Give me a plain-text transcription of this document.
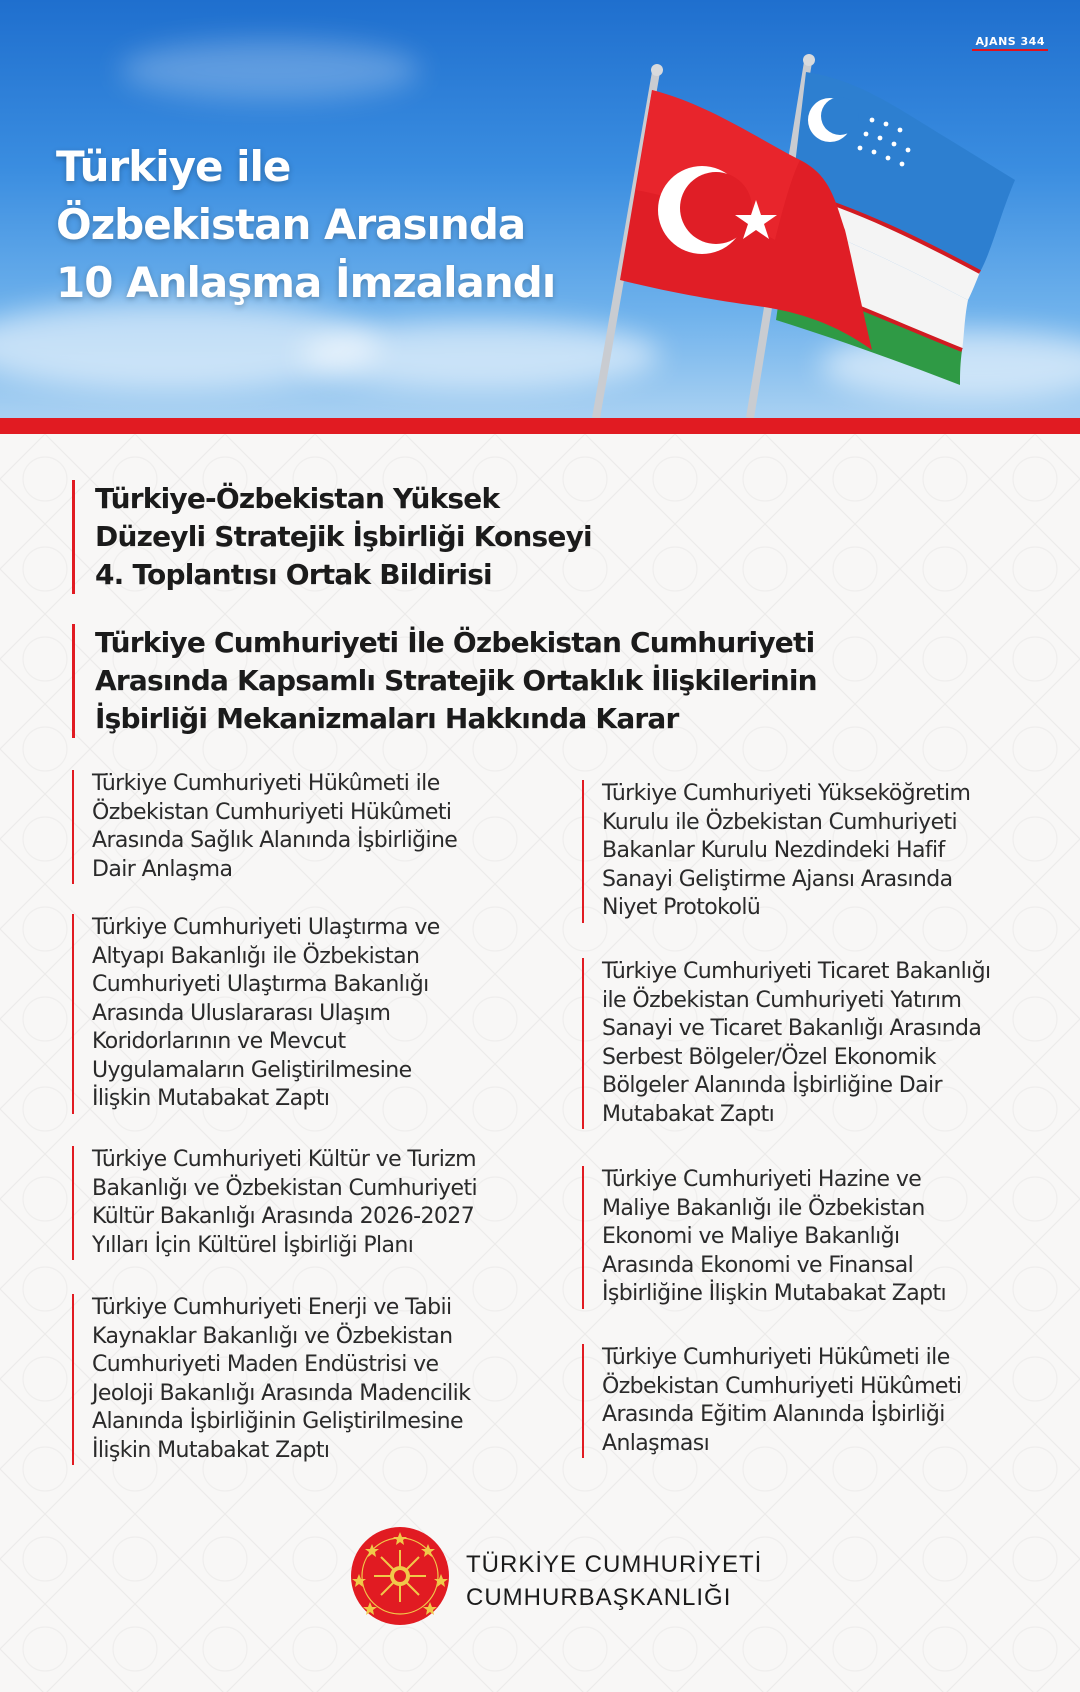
Türkiye ile
Özbekistan Arasında
10 Anlaşma İmzalandı
AJANS 344

Türkiye-Özbekistan Yüksek

Düzeyli Stratejik İşbirliği Konseyi

4. Toplantısı Ortak Bildirisi

Türkiye Cumhuriyeti İle Özbekistan Cumhuriyeti

Arasında Kapsamlı Stratejik Ortaklık İlişkilerinin

İşbirliği Mekanizmaları Hakkında Karar

Türkiye Cumhuriyeti Hükûmeti ile

Özbekistan Cumhuriyeti Hükûmeti

Arasında Sağlık Alanında İşbirliğine

Dair Anlaşma

Türkiye Cumhuriyeti Ulaştırma ve

Altyapı Bakanlığı ile Özbekistan

Cumhuriyeti Ulaştırma Bakanlığı

Arasında Uluslararası Ulaşım

Koridorlarının ve Mevcut

Uygulamaların Geliştirilmesine

İlişkin Mutabakat Zaptı

Türkiye Cumhuriyeti Kültür ve Turizm

Bakanlığı ve Özbekistan Cumhuriyeti

Kültür Bakanlığı Arasında 2026-2027

Yılları İçin Kültürel İşbirliği Planı

Türkiye Cumhuriyeti Enerji ve Tabii

Kaynaklar Bakanlığı ve Özbekistan

Cumhuriyeti Maden Endüstrisi ve

Jeoloji Bakanlığı Arasında Madencilik

Alanında İşbirliğinin Geliştirilmesine

İlişkin Mutabakat Zaptı

Türkiye Cumhuriyeti Yükseköğretim

Kurulu ile Özbekistan Cumhuriyeti

Bakanlar Kurulu Nezdindeki Hafif

Sanayi Geliştirme Ajansı Arasında

Niyet Protokolü

Türkiye Cumhuriyeti Ticaret Bakanlığı

ile Özbekistan Cumhuriyeti Yatırım

Sanayi ve Ticaret Bakanlığı Arasında

Serbest Bölgeler/Özel Ekonomik

Bölgeler Alanında İşbirliğine Dair

Mutabakat Zaptı

Türkiye Cumhuriyeti Hazine ve

Maliye Bakanlığı ile Özbekistan

Ekonomi ve Maliye Bakanlığı

Arasında Ekonomi ve Finansal

İşbirliğine İlişkin Mutabakat Zaptı

Türkiye Cumhuriyeti Hükûmeti ile

Özbekistan Cumhuriyeti Hükûmeti

Arasında Eğitim Alanında İşbirliği

Anlaşması

TÜRKİYE CUMHURİYETİ
CUMHURBAŞKANLIĞI
